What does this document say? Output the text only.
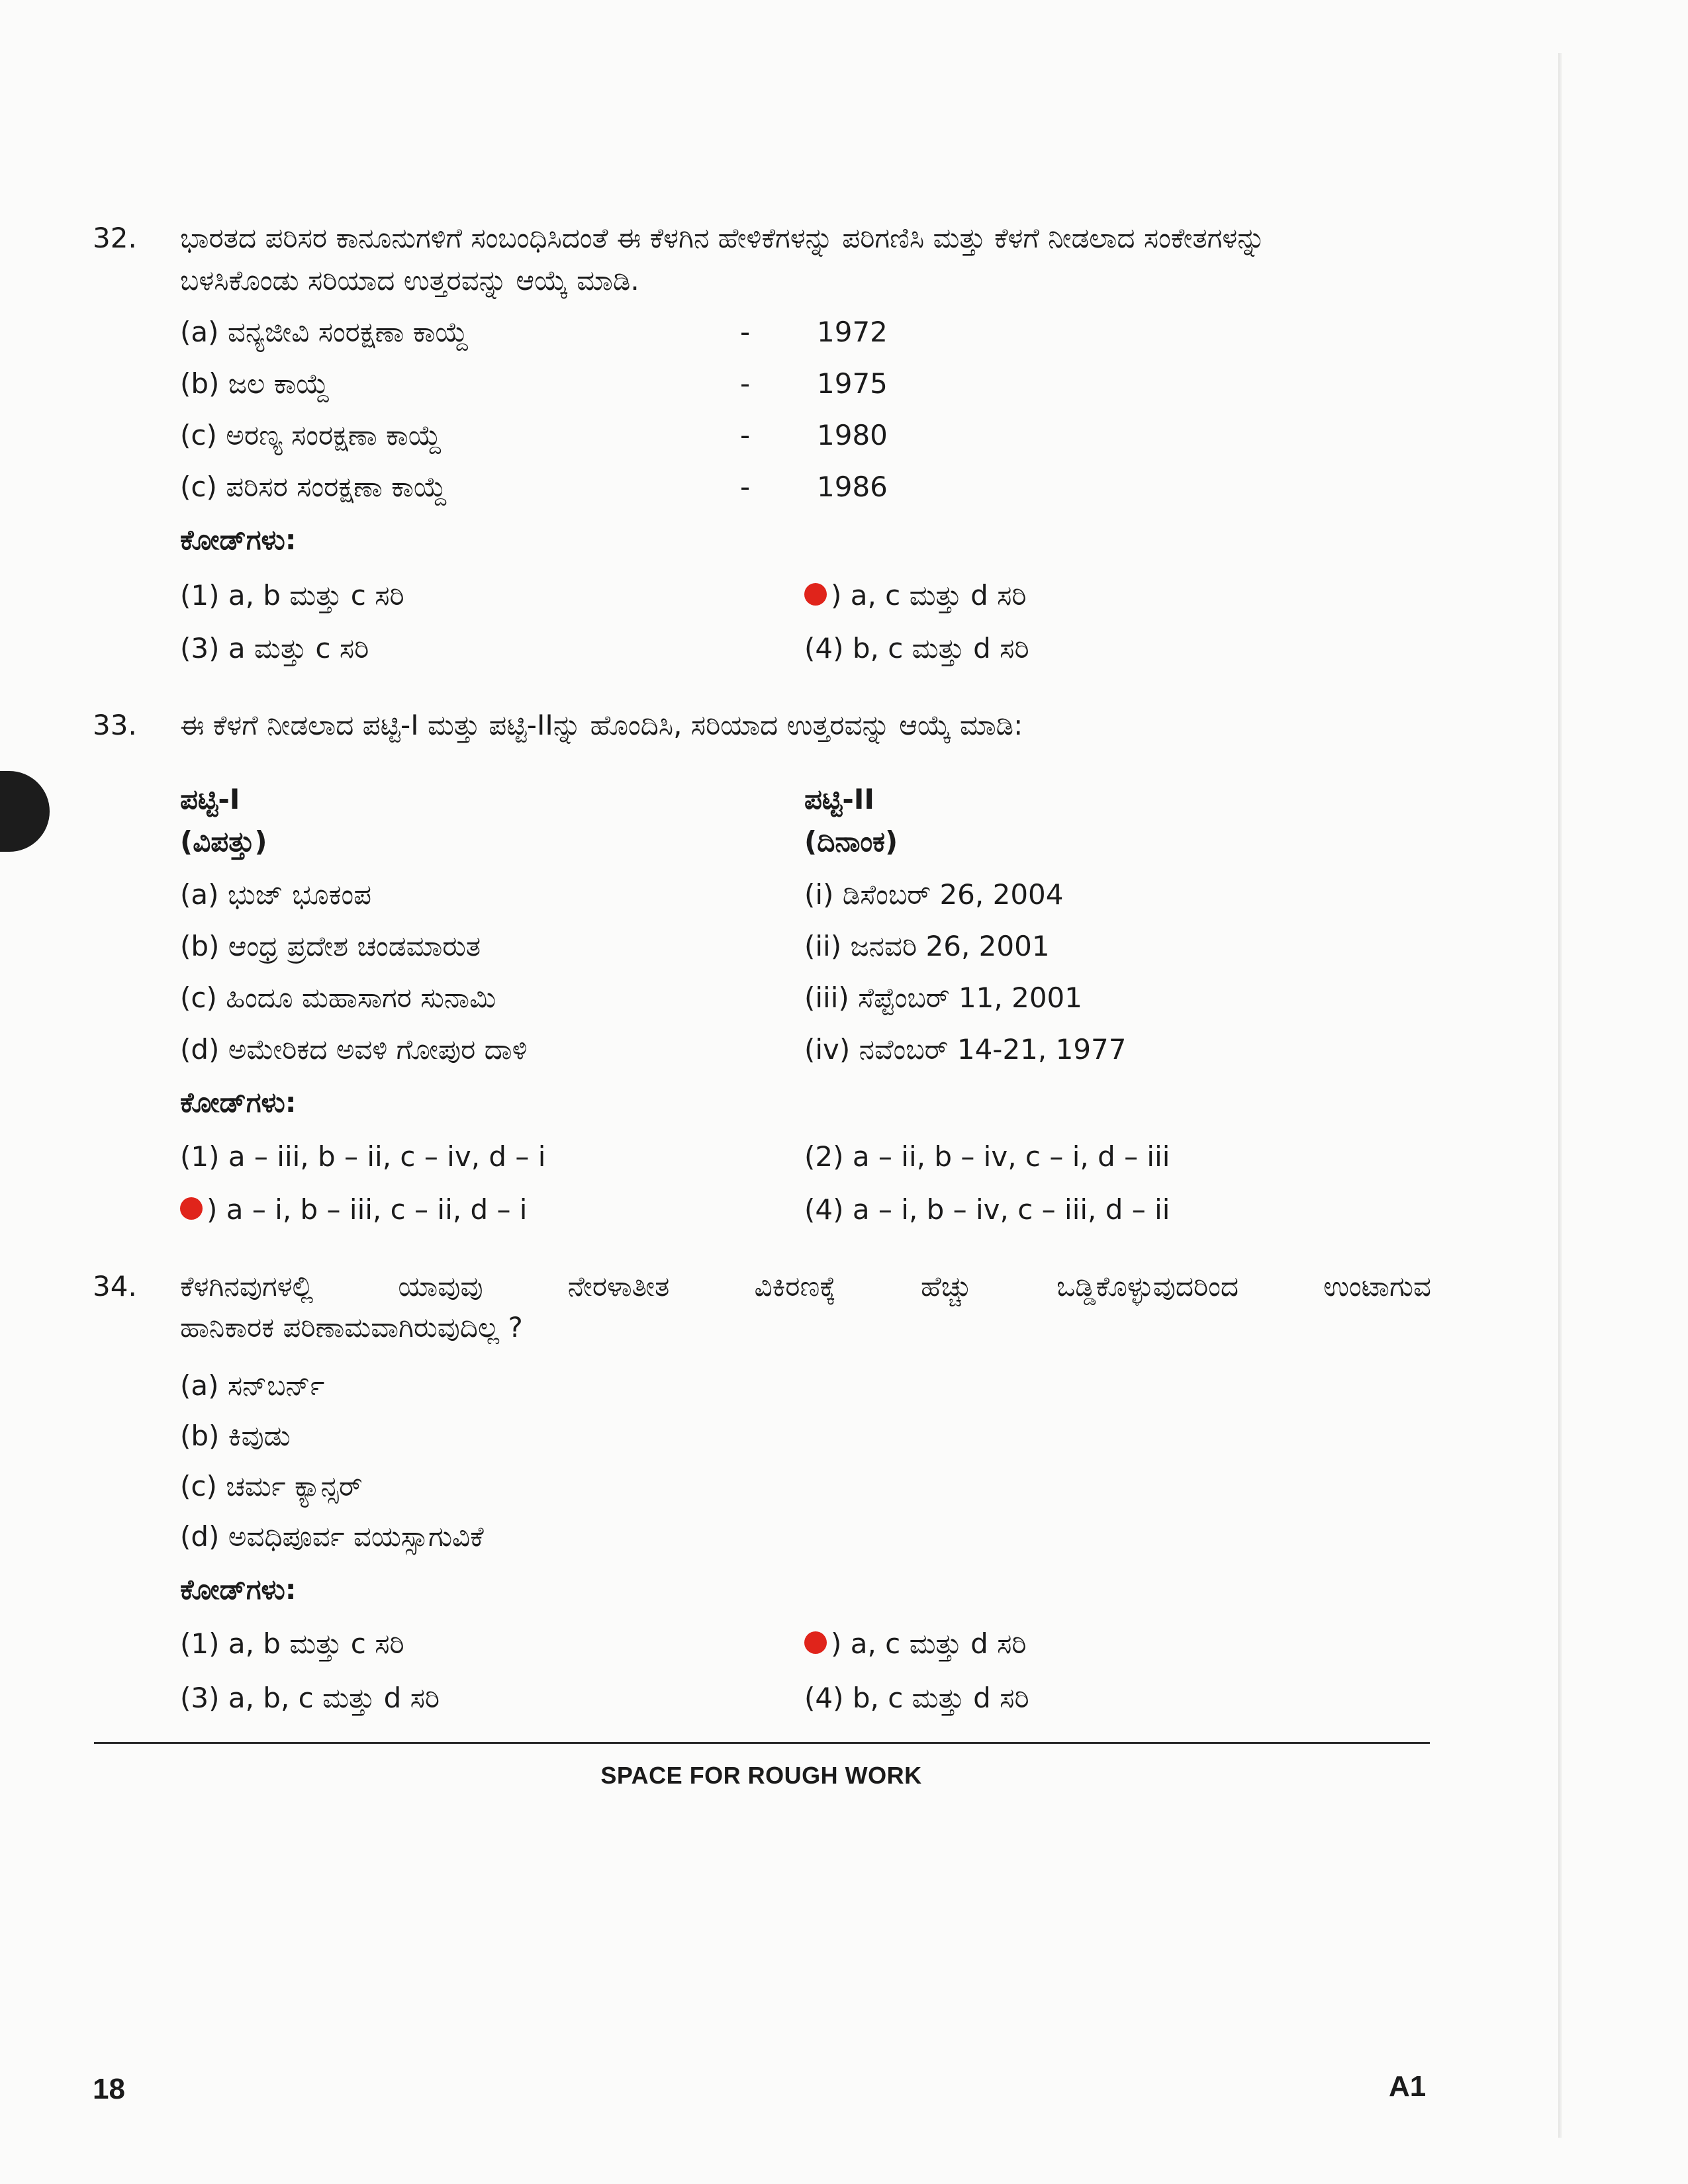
32.	ಭಾರತದ ಪರಿಸರ ಕಾನೂನುಗಳಿಗೆ ಸಂಬಂಧಿಸಿದಂತೆ ಈ ಕೆಳಗಿನ ಹೇಳಿಕೆಗಳನ್ನು ಪರಿಗಣಿಸಿ ಮತ್ತು ಕೆಳಗೆ ನೀಡಲಾದ ಸಂಕೇತಗಳನ್ನು
ಬಳಸಿಕೊಂಡು ಸರಿಯಾದ ಉತ್ತರವನ್ನು ಆಯ್ಕೆ ಮಾಡಿ.
(a) ವನ್ಯಜೀವಿ ಸಂರಕ್ಷಣಾ ಕಾಯ್ದೆ	- 1972
(b) ಜಲ ಕಾಯ್ದೆ	- 1975
(c) ಅರಣ್ಯ ಸಂರಕ್ಷಣಾ ಕಾಯ್ದೆ	- 1980
(c) ಪರಿಸರ ಸಂರಕ್ಷಣಾ ಕಾಯ್ದೆ	- 1986
ಕೋಡ್‌ಗಳು:
(1) a, b ಮತ್ತು c ಸರಿ	) a, c ಮತ್ತು d ಸರಿ
(3) a ಮತ್ತು c ಸರಿ	(4) b, c ಮತ್ತು d ಸರಿ
33.	ಈ ಕೆಳಗೆ ನೀಡಲಾದ ಪಟ್ಟಿ-I ಮತ್ತು ಪಟ್ಟಿ-IIನ್ನು ಹೊಂದಿಸಿ, ಸರಿಯಾದ ಉತ್ತರವನ್ನು ಆಯ್ಕೆ ಮಾಡಿ:
ಪಟ್ಟಿ-I	ಪಟ್ಟಿ-II
(ವಿಪತ್ತು)	(ದಿನಾಂಕ)
(a) ಭುಜ್ ಭೂಕಂಪ	(i) ಡಿಸೆಂಬರ್ 26, 2004
(b) ಆಂಧ್ರ ಪ್ರದೇಶ ಚಂಡಮಾರುತ	(ii) ಜನವರಿ 26, 2001
(c) ಹಿಂದೂ ಮಹಾಸಾಗರ ಸುನಾಮಿ	(iii) ಸೆಪ್ಟೆಂಬರ್ 11, 2001
(d) ಅಮೇರಿಕದ ಅವಳಿ ಗೋಪುರ ದಾಳಿ	(iv) ನವೆಂಬರ್ 14-21, 1977
ಕೋಡ್‌ಗಳು:
(1) a – iii, b – ii, c – iv, d – i	(2) a – ii, b – iv, c – i, d – iii
) a – i, b – iii, c – ii, d – i	(4) a – i, b – iv, c – iii, d – ii
34.	ಕೆಳಗಿನವುಗಳಲ್ಲಿ ಯಾವುವು ನೇರಳಾತೀತ ವಿಕಿರಣಕ್ಕೆ ಹೆಚ್ಚು ಒಡ್ಡಿಕೊಳ್ಳುವುದರಿಂದ ಉಂಟಾಗುವ
ಹಾನಿಕಾರಕ ಪರಿಣಾಮವಾಗಿರುವುದಿಲ್ಲ ?
(a) ಸನ್‌ಬರ್ನ್
(b) ಕಿವುಡು
(c) ಚರ್ಮ ಕ್ಯಾನ್ಸರ್
(d) ಅವಧಿಪೂರ್ವ ವಯಸ್ಸಾಗುವಿಕೆ
ಕೋಡ್‌ಗಳು:
(1) a, b ಮತ್ತು c ಸರಿ	) a, c ಮತ್ತು d ಸರಿ
(3) a, b, c ಮತ್ತು d ಸರಿ	(4) b, c ಮತ್ತು d ಸರಿ
SPACE FOR ROUGH WORK
18	A1
